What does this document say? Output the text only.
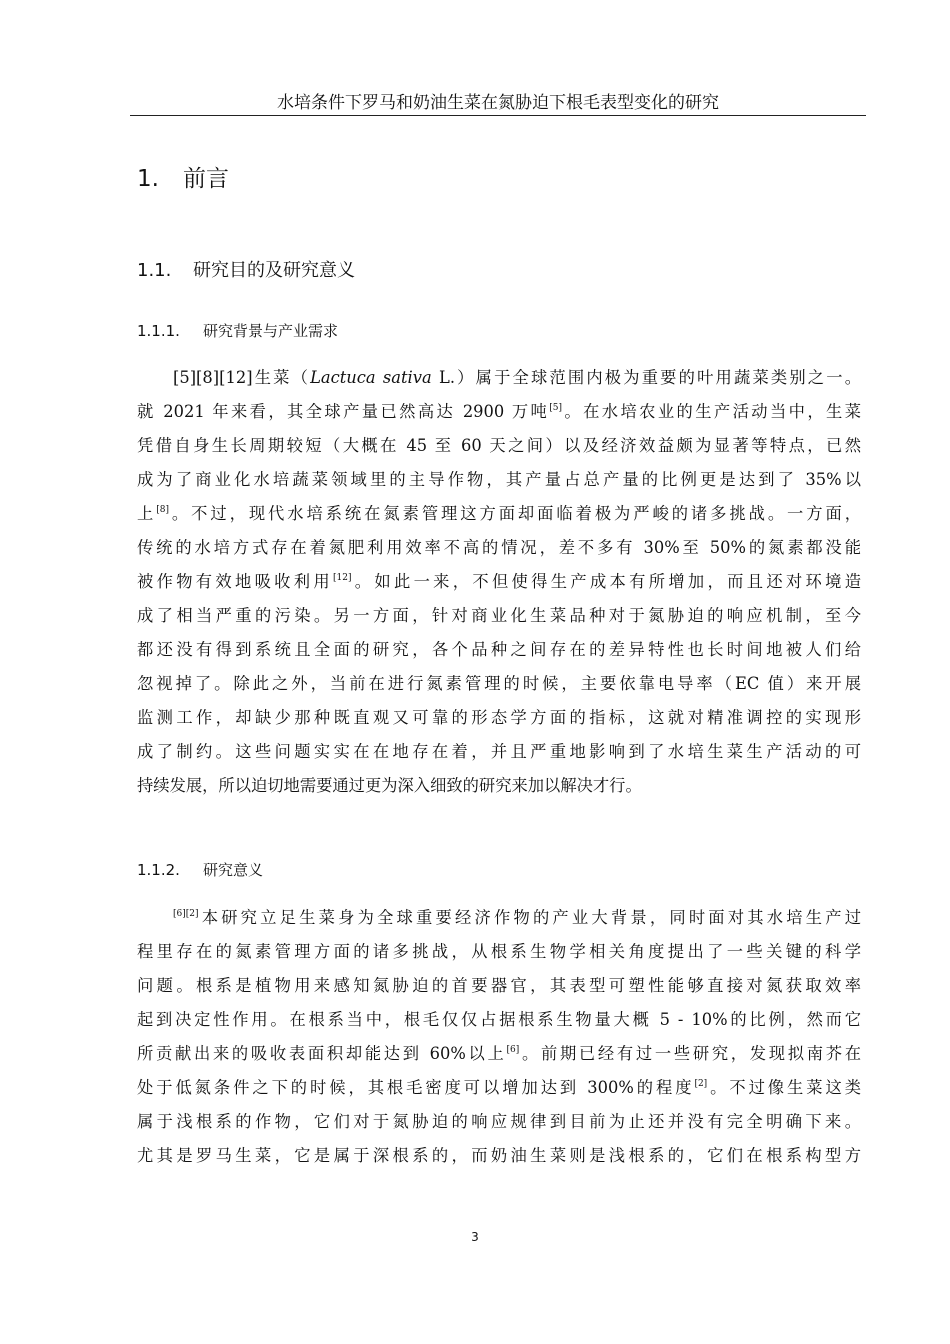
水培条件下罗马和奶油生菜在氮胁迫下根毛表型变化的研究
1. 前言
1.1. 研究目的及研究意义
1.1.1. 研究背景与产业需求
[5][8][12]生菜（Lactuca sativa L.）属于全球范围内极为重要的叶用蔬菜类别之一。
就 2021 年来看，其全球产量已然高达 2900 万吨[5]。在水培农业的生产活动当中，生菜
凭借自身生长周期较短（大概在 45 至 60 天之间）以及经济效益颇为显著等特点，已然
成为了商业化水培蔬菜领域里的主导作物，其产量占总产量的比例更是达到了 35%以
上[8]。不过，现代水培系统在氮素管理这方面却面临着极为严峻的诸多挑战。一方面，
传统的水培方式存在着氮肥利用效率不高的情况，差不多有 30%至 50%的氮素都没能
被作物有效地吸收利用[12]。如此一来，不但使得生产成本有所增加，而且还对环境造
成了相当严重的污染。另一方面，针对商业化生菜品种对于氮胁迫的响应机制，至今
都还没有得到系统且全面的研究，各个品种之间存在的差异特性也长时间地被人们给
忽视掉了。除此之外，当前在进行氮素管理的时候，主要依靠电导率（EC 值）来开展
监测工作，却缺少那种既直观又可靠的形态学方面的指标，这就对精准调控的实现形
成了制约。这些问题实实在在地存在着，并且严重地影响到了水培生菜生产活动的可
持续发展，所以迫切地需要通过更为深入细致的研究来加以解决才行。
1.1.2. 研究意义
[6][2]本研究立足生菜身为全球重要经济作物的产业大背景，同时面对其水培生产过
程里存在的氮素管理方面的诸多挑战，从根系生物学相关角度提出了一些关键的科学
问题。根系是植物用来感知氮胁迫的首要器官，其表型可塑性能够直接对氮获取效率
起到决定性作用。在根系当中，根毛仅仅占据根系生物量大概 5 - 10%的比例，然而它
所贡献出来的吸收表面积却能达到 60%以上[6]。前期已经有过一些研究，发现拟南芥在
处于低氮条件之下的时候，其根毛密度可以增加达到 300%的程度[2]。不过像生菜这类
属于浅根系的作物，它们对于氮胁迫的响应规律到目前为止还并没有完全明确下来。
尤其是罗马生菜，它是属于深根系的，而奶油生菜则是浅根系的，它们在根系构型方
3
